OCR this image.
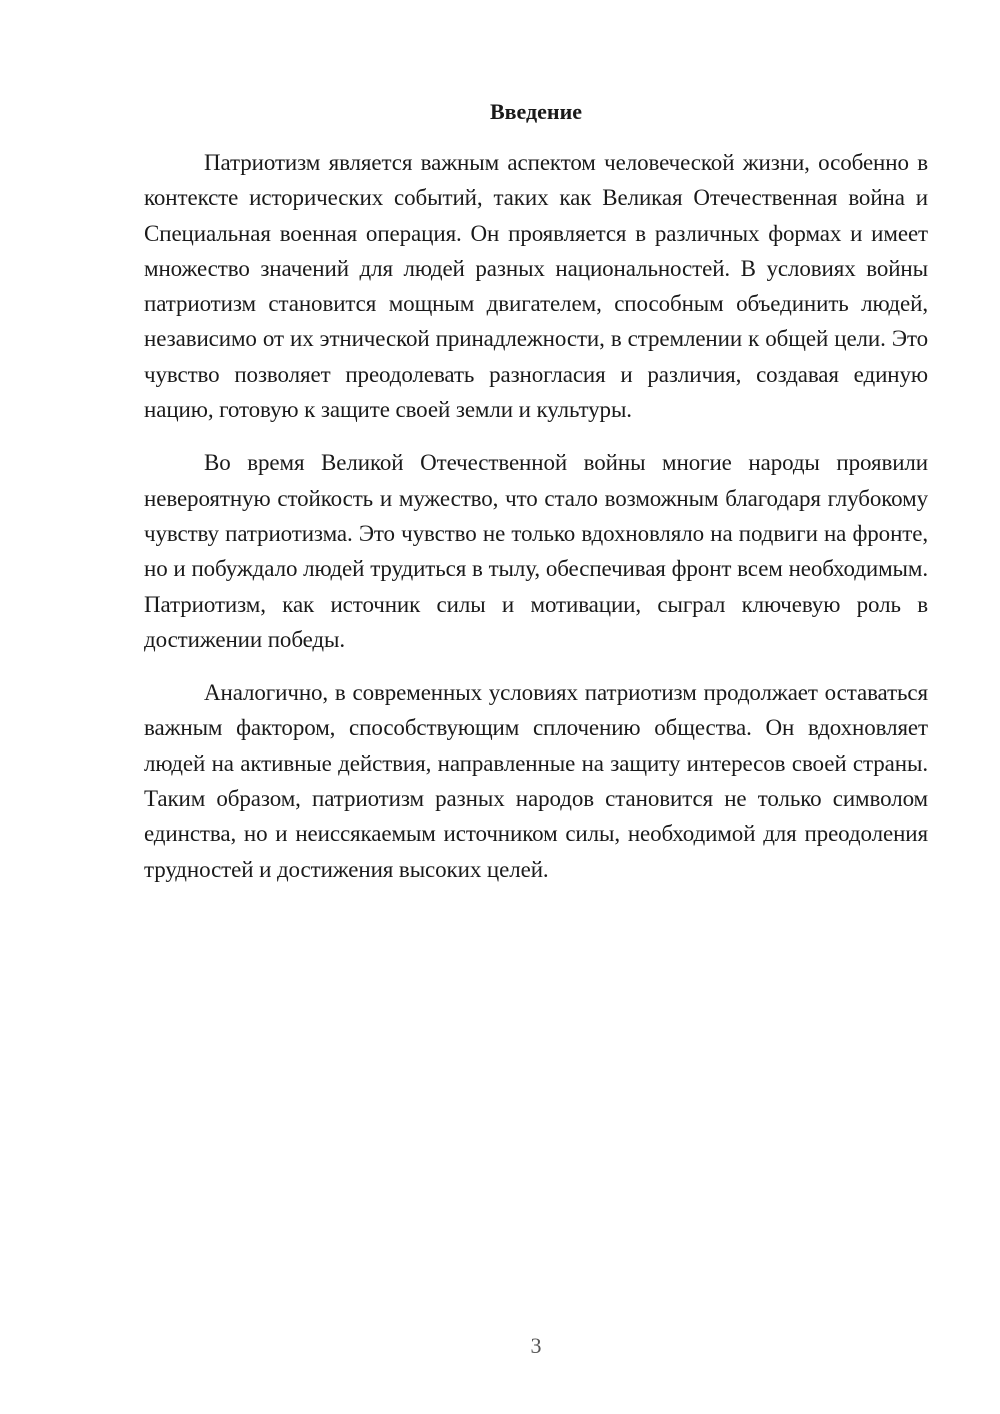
Введение

Патриотизм является важным аспектом человеческой жизни, особенно в контексте исторических событий, таких как Великая Отечественная война и Специальная военная операция. Он проявляется в различных формах и имеет множество значений для людей разных национальностей. В условиях войны патриотизм становится мощным двигателем, способным объединить людей, независимо от их этнической принадлежности, в стремлении к общей цели. Это чувство позволяет преодолевать разногласия и различия, создавая единую нацию, готовую к защите своей земли и культуры.

Во время Великой Отечественной войны многие народы проявили невероятную стойкость и мужество, что стало возможным благодаря глубокому чувству патриотизма. Это чувство не только вдохновляло на подвиги на фронте, но и побуждало людей трудиться в тылу, обеспечивая фронт всем необходимым. Патриотизм, как источник силы и мотивации, сыграл ключевую роль в достижении победы.

Аналогично, в современных условиях патриотизм продолжает оставаться важным фактором, способствующим сплочению общества. Он вдохновляет людей на активные действия, направленные на защиту интересов своей страны. Таким образом, патриотизм разных народов становится не только символом единства, но и неиссякаемым источником силы, необходимой для преодоления трудностей и достижения высоких целей.

3
